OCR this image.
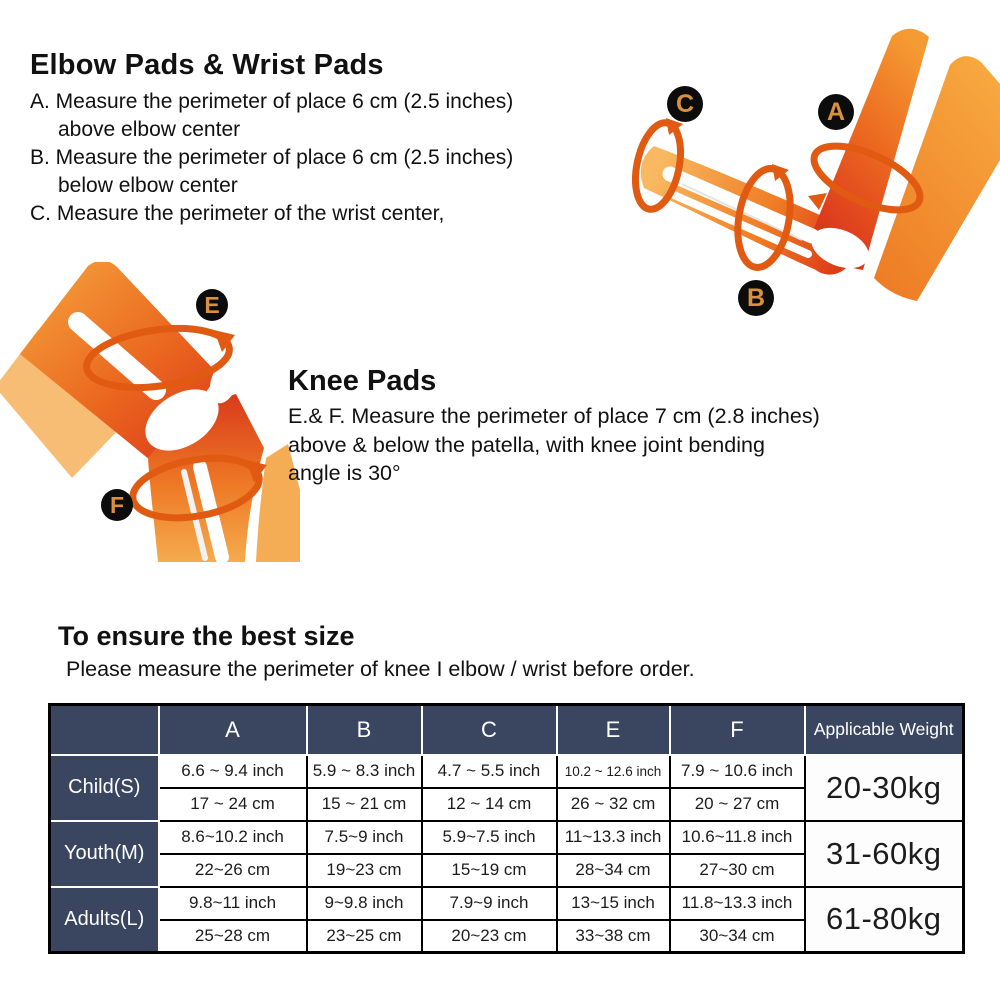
Elbow Pads & Wrist Pads
A. Measure the perimeter of place 6 cm (2.5 inches)
above elbow center
B. Measure the perimeter of place 6 cm (2.5 inches)
below elbow center
C. Measure the perimeter of the wrist center,
C	A
B
E
F
Knee Pads
E.& F. Measure the perimeter of place 7 cm (2.8 inches)
above & below the patella, with knee joint bending
angle is 30°
To ensure the best size
Please measure the perimeter of knee I elbow / wrist before order.
	A	B	C	E	F	Applicable Weight
Child(S)	6.6 ~ 9.4 inch	5.9 ~ 8.3 inch	4.7 ~ 5.5 inch	10.2 ~ 12.6 inch	7.9 ~ 10.6 inch	20-30kg
	17 ~ 24 cm	15 ~ 21 cm	12 ~ 14 cm	26 ~ 32 cm	20 ~ 27 cm	
Youth(M)	8.6~10.2 inch	7.5~9 inch	5.9~7.5 inch	11~13.3 inch	10.6~11.8 inch	31-60kg
	22~26 cm	19~23 cm	15~19 cm	28~34 cm	27~30 cm	
Adults(L)	9.8~11 inch	9~9.8 inch	7.9~9 inch	13~15 inch	11.8~13.3 inch	61-80kg
	25~28 cm	23~25 cm	20~23 cm	33~38 cm	30~34 cm	
